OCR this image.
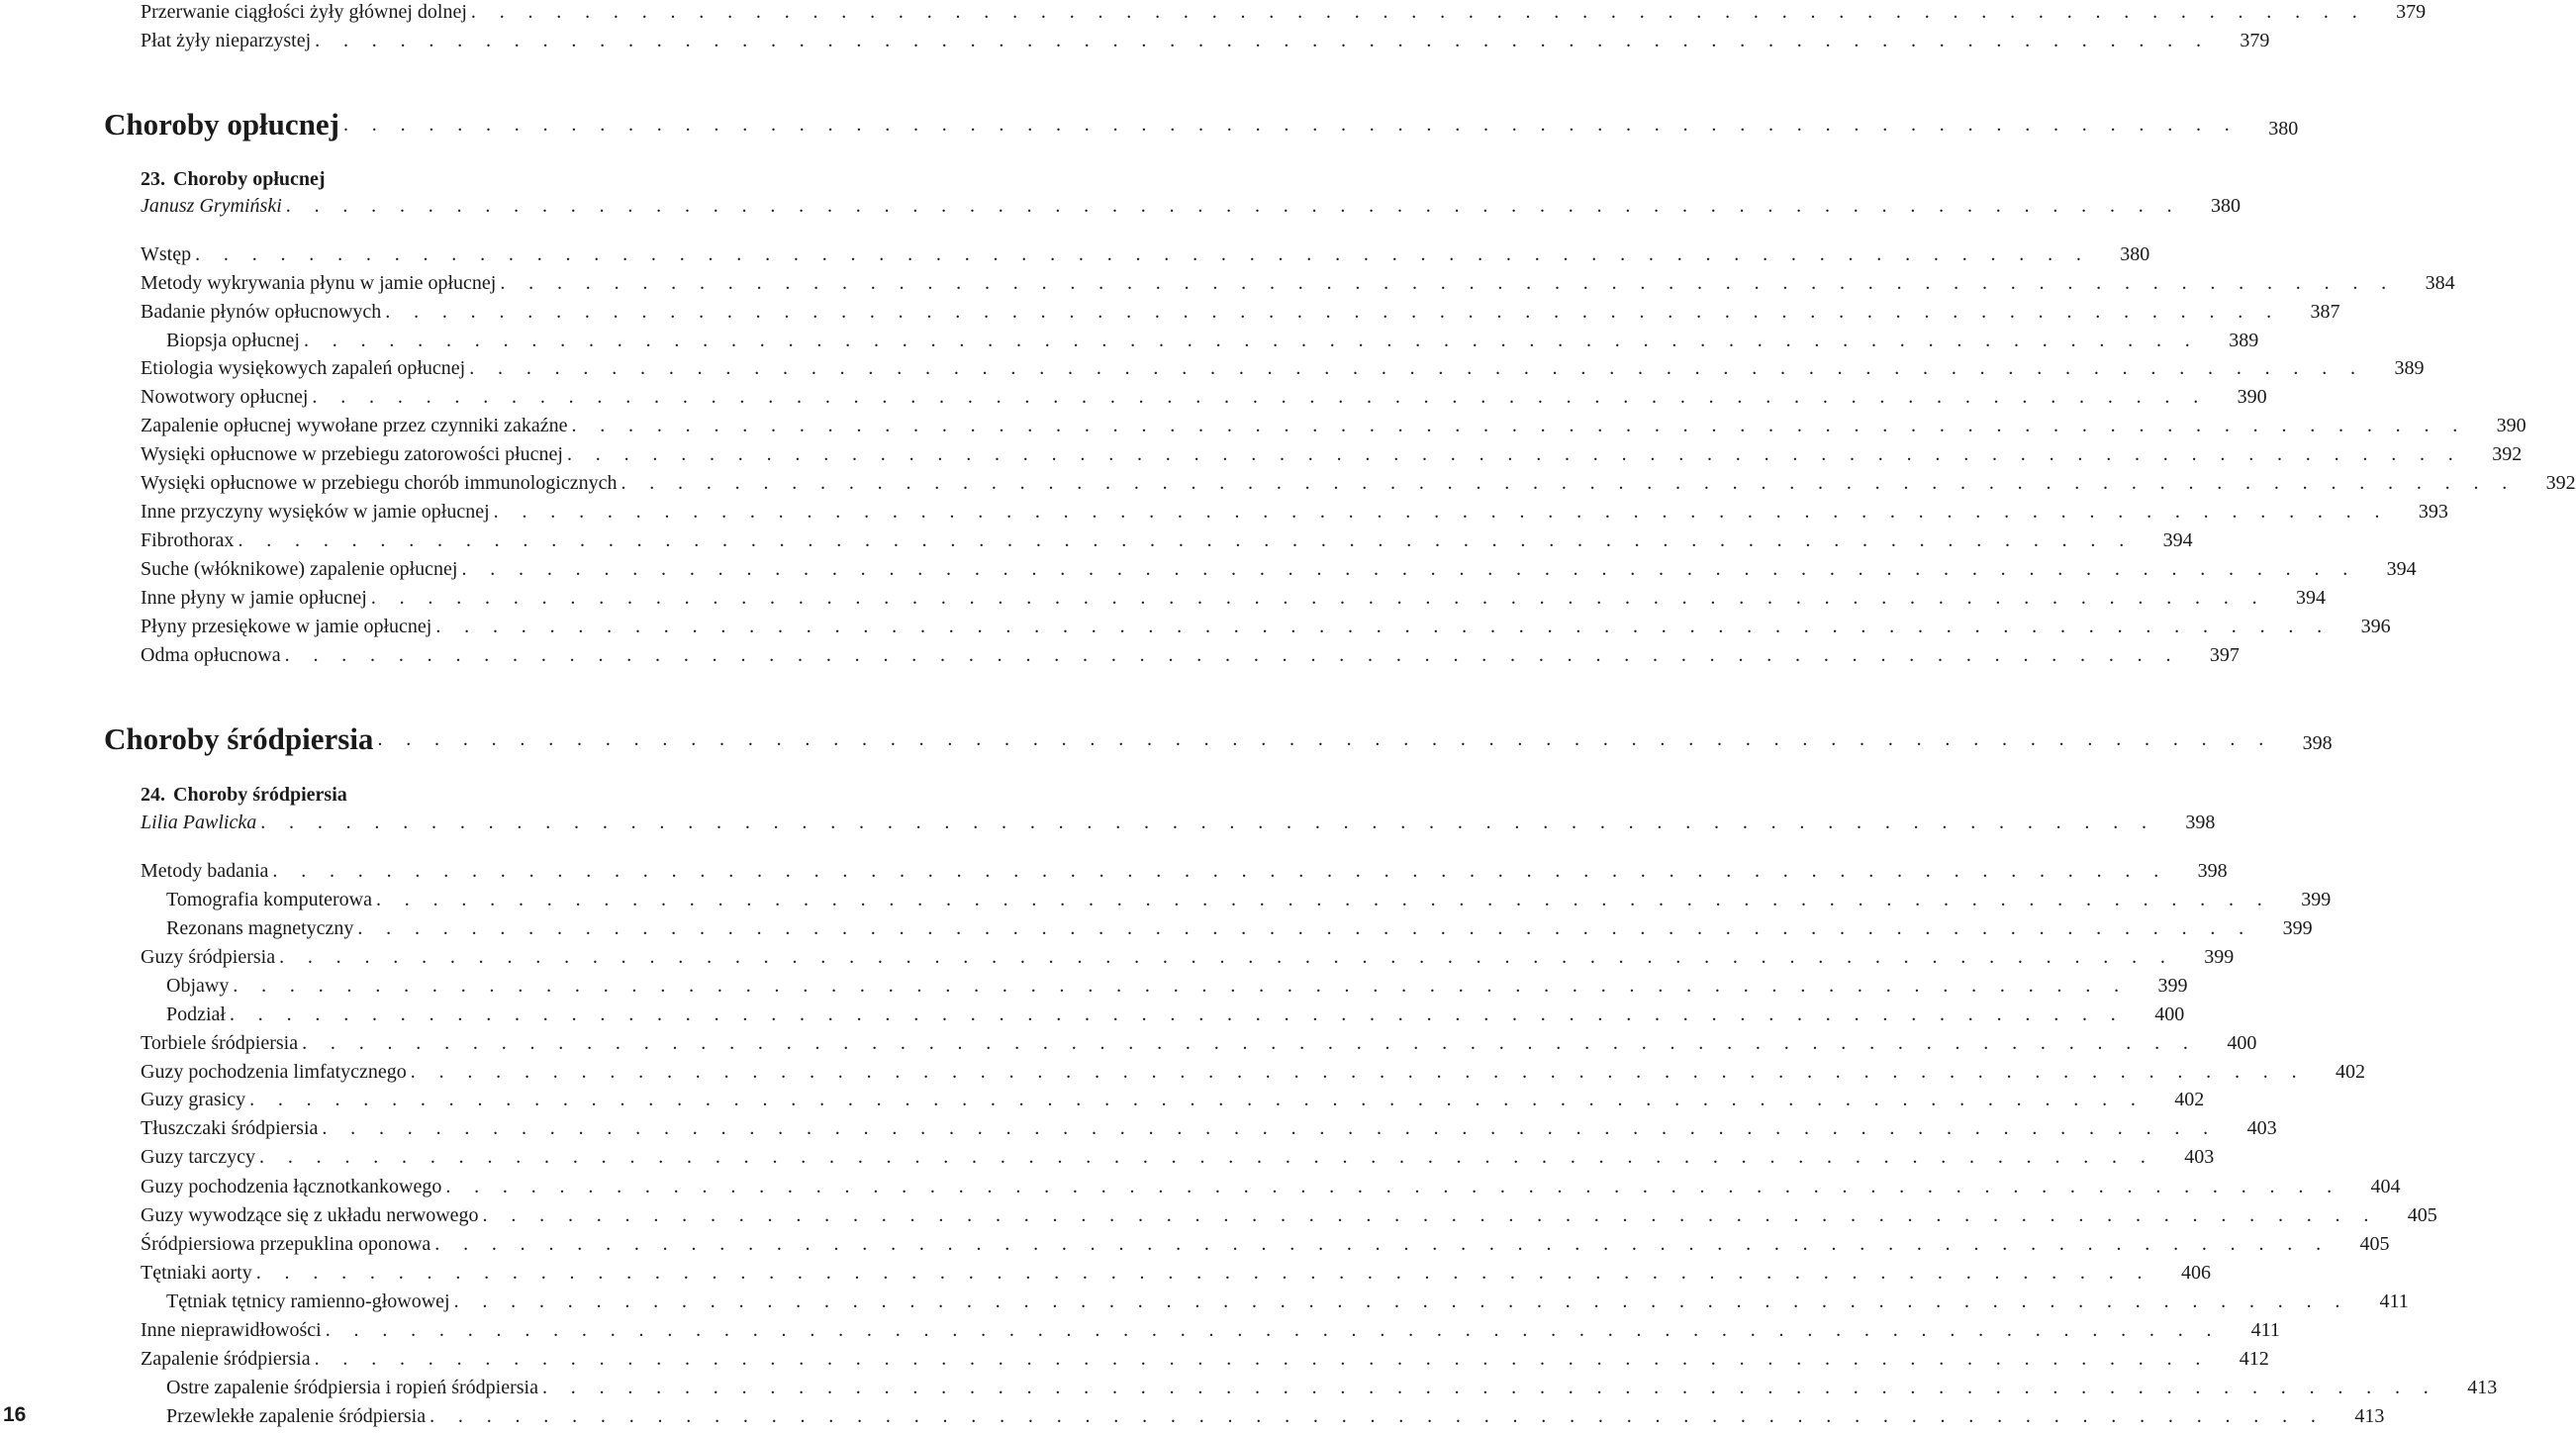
Przerwanie ciągłości żyły głównej dolnej . . . . . . . . . . . . . . . . . . . . . . . . . . . . . . . . . . . . . . . . . . . . . . . . . . . . . . . . . . . . . . . . . . .	379
Płat żyły nieparzystej . . . . . . . . . . . . . . . . . . . . . . . . . . . . . . . . . . . . . . . . . . . . . . . . . . . . . . . . . . . . . . . . . . .	379
Choroby opłucnej . . . . . . . . . . . . . . . . . . . . . . . . . . . . . . . . . . . . . . . . . . . . . . . . . . . . . . . . . . . . . . . . . . .	380
23. Choroby opłucnej
Janusz Grymiński . . . . . . . . . . . . . . . . . . . . . . . . . . . . . . . . . . . . . . . . . . . . . . . . . . . . . . . . . . . . . . . . . . .	380
Wstęp . . . . . . . . . . . . . . . . . . . . . . . . . . . . . . . . . . . . . . . . . . . . . . . . . . . . . . . . . . . . . . . . . . .	380
Metody wykrywania płynu w jamie opłucnej . . . . . . . . . . . . . . . . . . . . . . . . . . . . . . . . . . . . . . . . . . . . . . . . . . . . . . . . . . . . . . . . . . .	384
Badanie płynów opłucnowych . . . . . . . . . . . . . . . . . . . . . . . . . . . . . . . . . . . . . . . . . . . . . . . . . . . . . . . . . . . . . . . . . . .	387
Biopsja opłucnej . . . . . . . . . . . . . . . . . . . . . . . . . . . . . . . . . . . . . . . . . . . . . . . . . . . . . . . . . . . . . . . . . . .	389
Etiologia wysiękowych zapaleń opłucnej . . . . . . . . . . . . . . . . . . . . . . . . . . . . . . . . . . . . . . . . . . . . . . . . . . . . . . . . . . . . . . . . . . .	389
Nowotwory opłucnej . . . . . . . . . . . . . . . . . . . . . . . . . . . . . . . . . . . . . . . . . . . . . . . . . . . . . . . . . . . . . . . . . . .	390
Zapalenie opłucnej wywołane przez czynniki zakaźne . . . . . . . . . . . . . . . . . . . . . . . . . . . . . . . . . . . . . . . . . . . . . . . . . . . . . . . . . . . . . . . . . . .	390
Wysięki opłucnowe w przebiegu zatorowości płucnej . . . . . . . . . . . . . . . . . . . . . . . . . . . . . . . . . . . . . . . . . . . . . . . . . . . . . . . . . . . . . . . . . . .	392
Wysięki opłucnowe w przebiegu chorób immunologicznych . . . . . . . . . . . . . . . . . . . . . . . . . . . . . . . . . . . . . . . . . . . . . . . . . . . . . . . . . . . . . . . . . . .	392
Inne przyczyny wysięków w jamie opłucnej . . . . . . . . . . . . . . . . . . . . . . . . . . . . . . . . . . . . . . . . . . . . . . . . . . . . . . . . . . . . . . . . . . .	393
Fibrothorax . . . . . . . . . . . . . . . . . . . . . . . . . . . . . . . . . . . . . . . . . . . . . . . . . . . . . . . . . . . . . . . . . . .	394
Suche (włóknikowe) zapalenie opłucnej . . . . . . . . . . . . . . . . . . . . . . . . . . . . . . . . . . . . . . . . . . . . . . . . . . . . . . . . . . . . . . . . . . .	394
Inne płyny w jamie opłucnej . . . . . . . . . . . . . . . . . . . . . . . . . . . . . . . . . . . . . . . . . . . . . . . . . . . . . . . . . . . . . . . . . . .	394
Płyny przesiękowe w jamie opłucnej . . . . . . . . . . . . . . . . . . . . . . . . . . . . . . . . . . . . . . . . . . . . . . . . . . . . . . . . . . . . . . . . . . .	396
Odma opłucnowa . . . . . . . . . . . . . . . . . . . . . . . . . . . . . . . . . . . . . . . . . . . . . . . . . . . . . . . . . . . . . . . . . . .	397
Choroby śródpiersia . . . . . . . . . . . . . . . . . . . . . . . . . . . . . . . . . . . . . . . . . . . . . . . . . . . . . . . . . . . . . . . . . . .	398
24. Choroby śródpiersia
Lilia Pawlicka . . . . . . . . . . . . . . . . . . . . . . . . . . . . . . . . . . . . . . . . . . . . . . . . . . . . . . . . . . . . . . . . . . .	398
Metody badania . . . . . . . . . . . . . . . . . . . . . . . . . . . . . . . . . . . . . . . . . . . . . . . . . . . . . . . . . . . . . . . . . . .	398
Tomografia komputerowa . . . . . . . . . . . . . . . . . . . . . . . . . . . . . . . . . . . . . . . . . . . . . . . . . . . . . . . . . . . . . . . . . . .	399
Rezonans magnetyczny . . . . . . . . . . . . . . . . . . . . . . . . . . . . . . . . . . . . . . . . . . . . . . . . . . . . . . . . . . . . . . . . . . .	399
Guzy śródpiersia . . . . . . . . . . . . . . . . . . . . . . . . . . . . . . . . . . . . . . . . . . . . . . . . . . . . . . . . . . . . . . . . . . .	399
Objawy . . . . . . . . . . . . . . . . . . . . . . . . . . . . . . . . . . . . . . . . . . . . . . . . . . . . . . . . . . . . . . . . . . .	399
Podział . . . . . . . . . . . . . . . . . . . . . . . . . . . . . . . . . . . . . . . . . . . . . . . . . . . . . . . . . . . . . . . . . . .	400
Torbiele śródpiersia . . . . . . . . . . . . . . . . . . . . . . . . . . . . . . . . . . . . . . . . . . . . . . . . . . . . . . . . . . . . . . . . . . .	400
Guzy pochodzenia limfatycznego . . . . . . . . . . . . . . . . . . . . . . . . . . . . . . . . . . . . . . . . . . . . . . . . . . . . . . . . . . . . . . . . . . .	402
Guzy grasicy . . . . . . . . . . . . . . . . . . . . . . . . . . . . . . . . . . . . . . . . . . . . . . . . . . . . . . . . . . . . . . . . . . .	402
Tłuszczaki śródpiersia . . . . . . . . . . . . . . . . . . . . . . . . . . . . . . . . . . . . . . . . . . . . . . . . . . . . . . . . . . . . . . . . . . .	403
Guzy tarczycy . . . . . . . . . . . . . . . . . . . . . . . . . . . . . . . . . . . . . . . . . . . . . . . . . . . . . . . . . . . . . . . . . . .	403
Guzy pochodzenia łącznotkankowego . . . . . . . . . . . . . . . . . . . . . . . . . . . . . . . . . . . . . . . . . . . . . . . . . . . . . . . . . . . . . . . . . . .	404
Guzy wywodzące się z układu nerwowego . . . . . . . . . . . . . . . . . . . . . . . . . . . . . . . . . . . . . . . . . . . . . . . . . . . . . . . . . . . . . . . . . . .	405
Śródpiersiowa przepuklina oponowa . . . . . . . . . . . . . . . . . . . . . . . . . . . . . . . . . . . . . . . . . . . . . . . . . . . . . . . . . . . . . . . . . . .	405
Tętniaki aorty . . . . . . . . . . . . . . . . . . . . . . . . . . . . . . . . . . . . . . . . . . . . . . . . . . . . . . . . . . . . . . . . . . .	406
Tętniak tętnicy ramienno-głowowej . . . . . . . . . . . . . . . . . . . . . . . . . . . . . . . . . . . . . . . . . . . . . . . . . . . . . . . . . . . . . . . . . . .	411
Inne nieprawidłowości . . . . . . . . . . . . . . . . . . . . . . . . . . . . . . . . . . . . . . . . . . . . . . . . . . . . . . . . . . . . . . . . . . .	411
Zapalenie śródpiersia . . . . . . . . . . . . . . . . . . . . . . . . . . . . . . . . . . . . . . . . . . . . . . . . . . . . . . . . . . . . . . . . . . .	412
Ostre zapalenie śródpiersia i ropień śródpiersia . . . . . . . . . . . . . . . . . . . . . . . . . . . . . . . . . . . . . . . . . . . . . . . . . . . . . . . . . . . . . . . . . . .	413
Przewlekłe zapalenie śródpiersia . . . . . . . . . . . . . . . . . . . . . . . . . . . . . . . . . . . . . . . . . . . . . . . . . . . . . . . . . . . . . . . . . . .	413
16
